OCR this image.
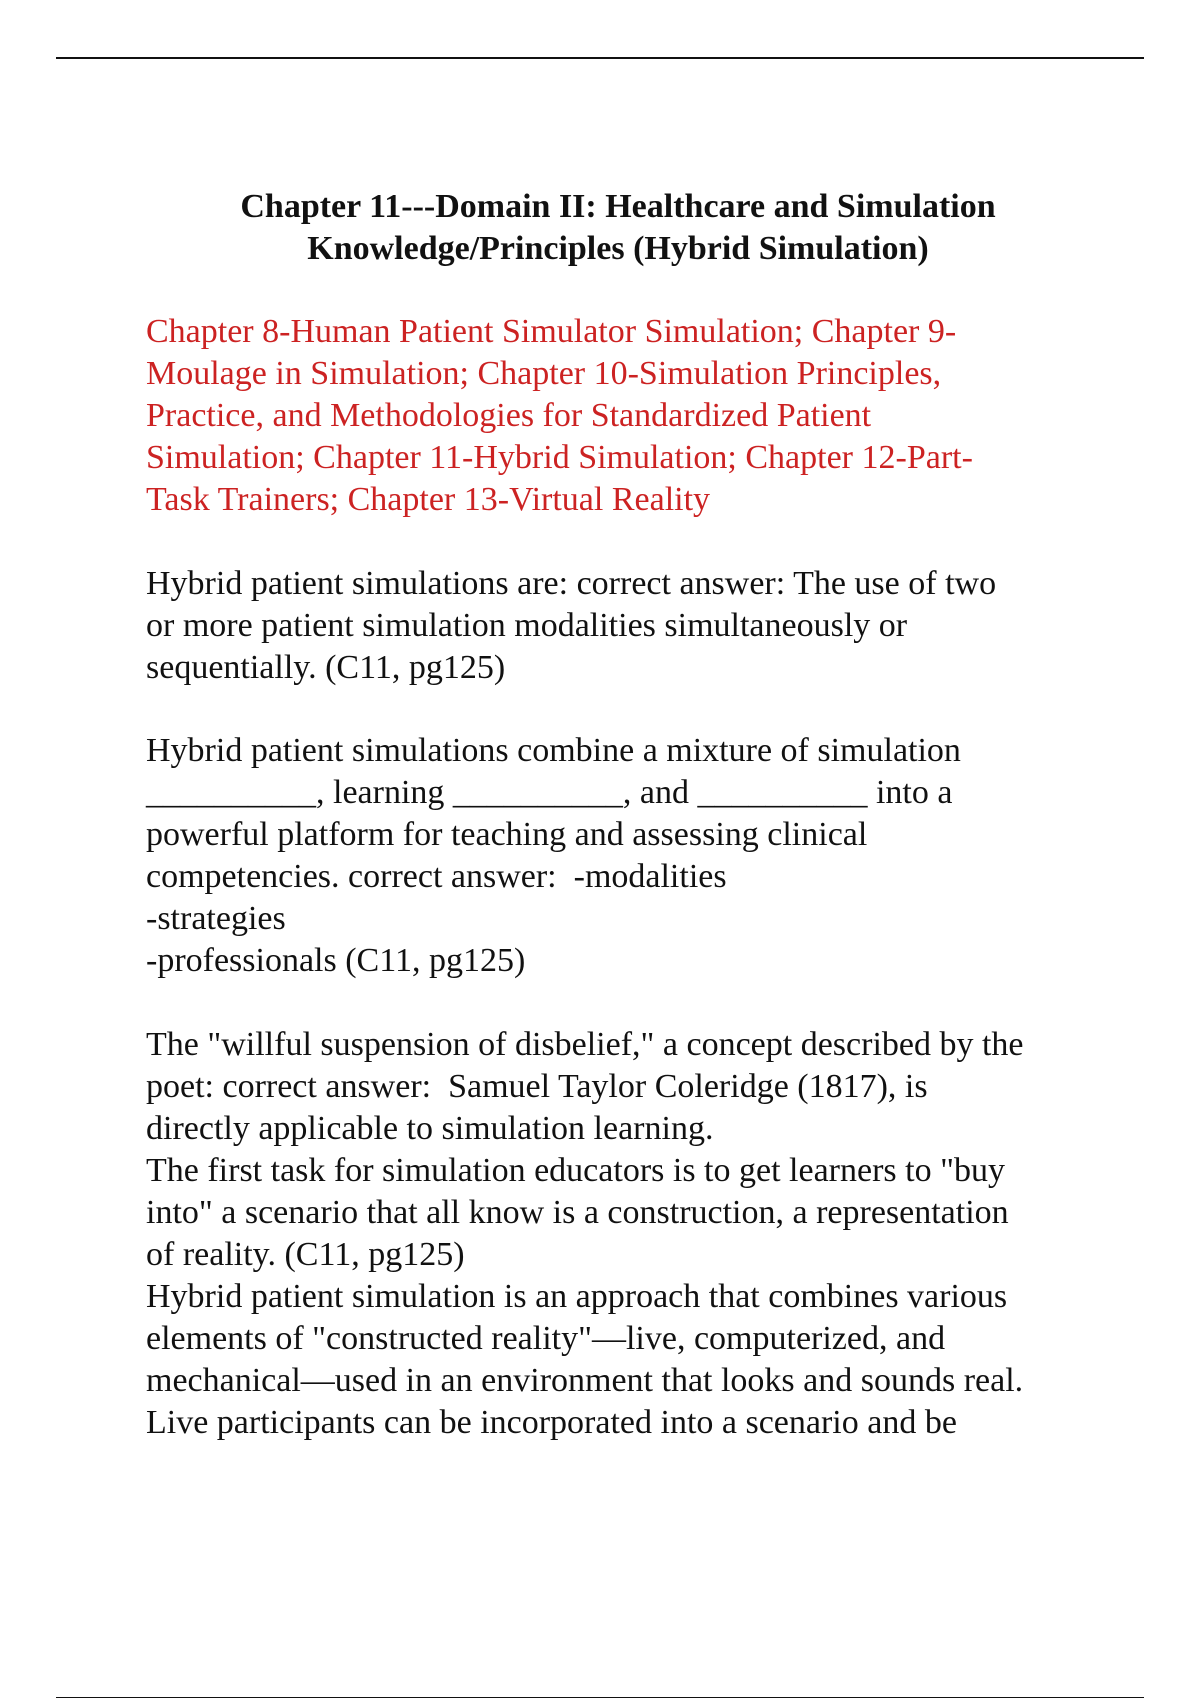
Chapter 11---Domain II: Healthcare and Simulation
Knowledge/Principles (Hybrid Simulation)
Chapter 8-Human Patient Simulator Simulation; Chapter 9-
Moulage in Simulation; Chapter 10-Simulation Principles,
Practice, and Methodologies for Standardized Patient
Simulation; Chapter 11-Hybrid Simulation; Chapter 12-Part-
Task Trainers; Chapter 13-Virtual Reality
Hybrid patient simulations are: correct answer: The use of two
or more patient simulation modalities simultaneously or
sequentially. (C11, pg125)
Hybrid patient simulations combine a mixture of simulation
__________, learning __________, and __________ into a
powerful platform for teaching and assessing clinical
competencies. correct answer:  -modalities
-strategies
-professionals (C11, pg125)
The "willful suspension of disbelief," a concept described by the
poet: correct answer:  Samuel Taylor Coleridge (1817), is
directly applicable to simulation learning.
The first task for simulation educators is to get learners to "buy
into" a scenario that all know is a construction, a representation
of reality. (C11, pg125)
Hybrid patient simulation is an approach that combines various
elements of "constructed reality"—live, computerized, and
mechanical—used in an environment that looks and sounds real.
Live participants can be incorporated into a scenario and be
